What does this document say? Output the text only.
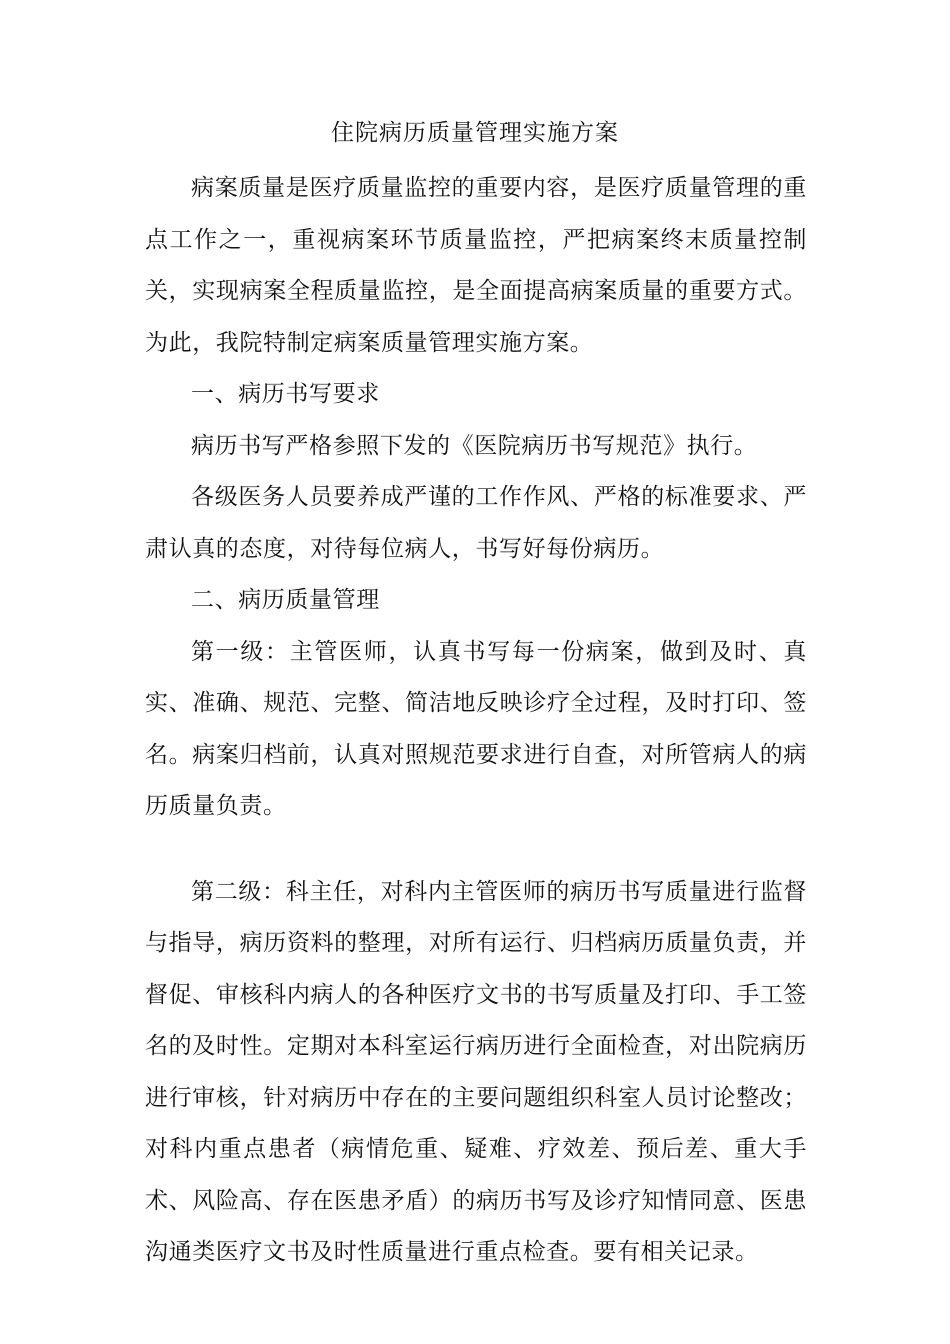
住院病历质量管理实施方案

病案质量是医疗质量监控的重要内容，是医疗质量管理的重点工作之一，重视病案环节质量监控，严把病案终末质量控制关，实现病案全程质量监控，是全面提高病案质量的重要方式。为此，我院特制定病案质量管理实施方案。

一、病历书写要求

病历书写严格参照下发的《医院病历书写规范》执行。

各级医务人员要养成严谨的工作作风、严格的标准要求、严肃认真的态度，对待每位病人，书写好每份病历。

二、病历质量管理

第一级：主管医师，认真书写每一份病案，做到及时、真实、准确、规范、完整、简洁地反映诊疗全过程，及时打印、签名。病案归档前，认真对照规范要求进行自查，对所管病人的病历质量负责。

第二级：科主任，对科内主管医师的病历书写质量进行监督与指导，病历资料的整理，对所有运行、归档病历质量负责，并督促、审核科内病人的各种医疗文书的书写质量及打印、手工签名的及时性。定期对本科室运行病历进行全面检查，对出院病历进行审核，针对病历中存在的主要问题组织科室人员讨论整改；对科内重点患者（病情危重、疑难、疗效差、预后差、重大手术、风险高、存在医患矛盾）的病历书写及诊疗知情同意、医患沟通类医疗文书及时性质量进行重点检查。要有相关记录。
